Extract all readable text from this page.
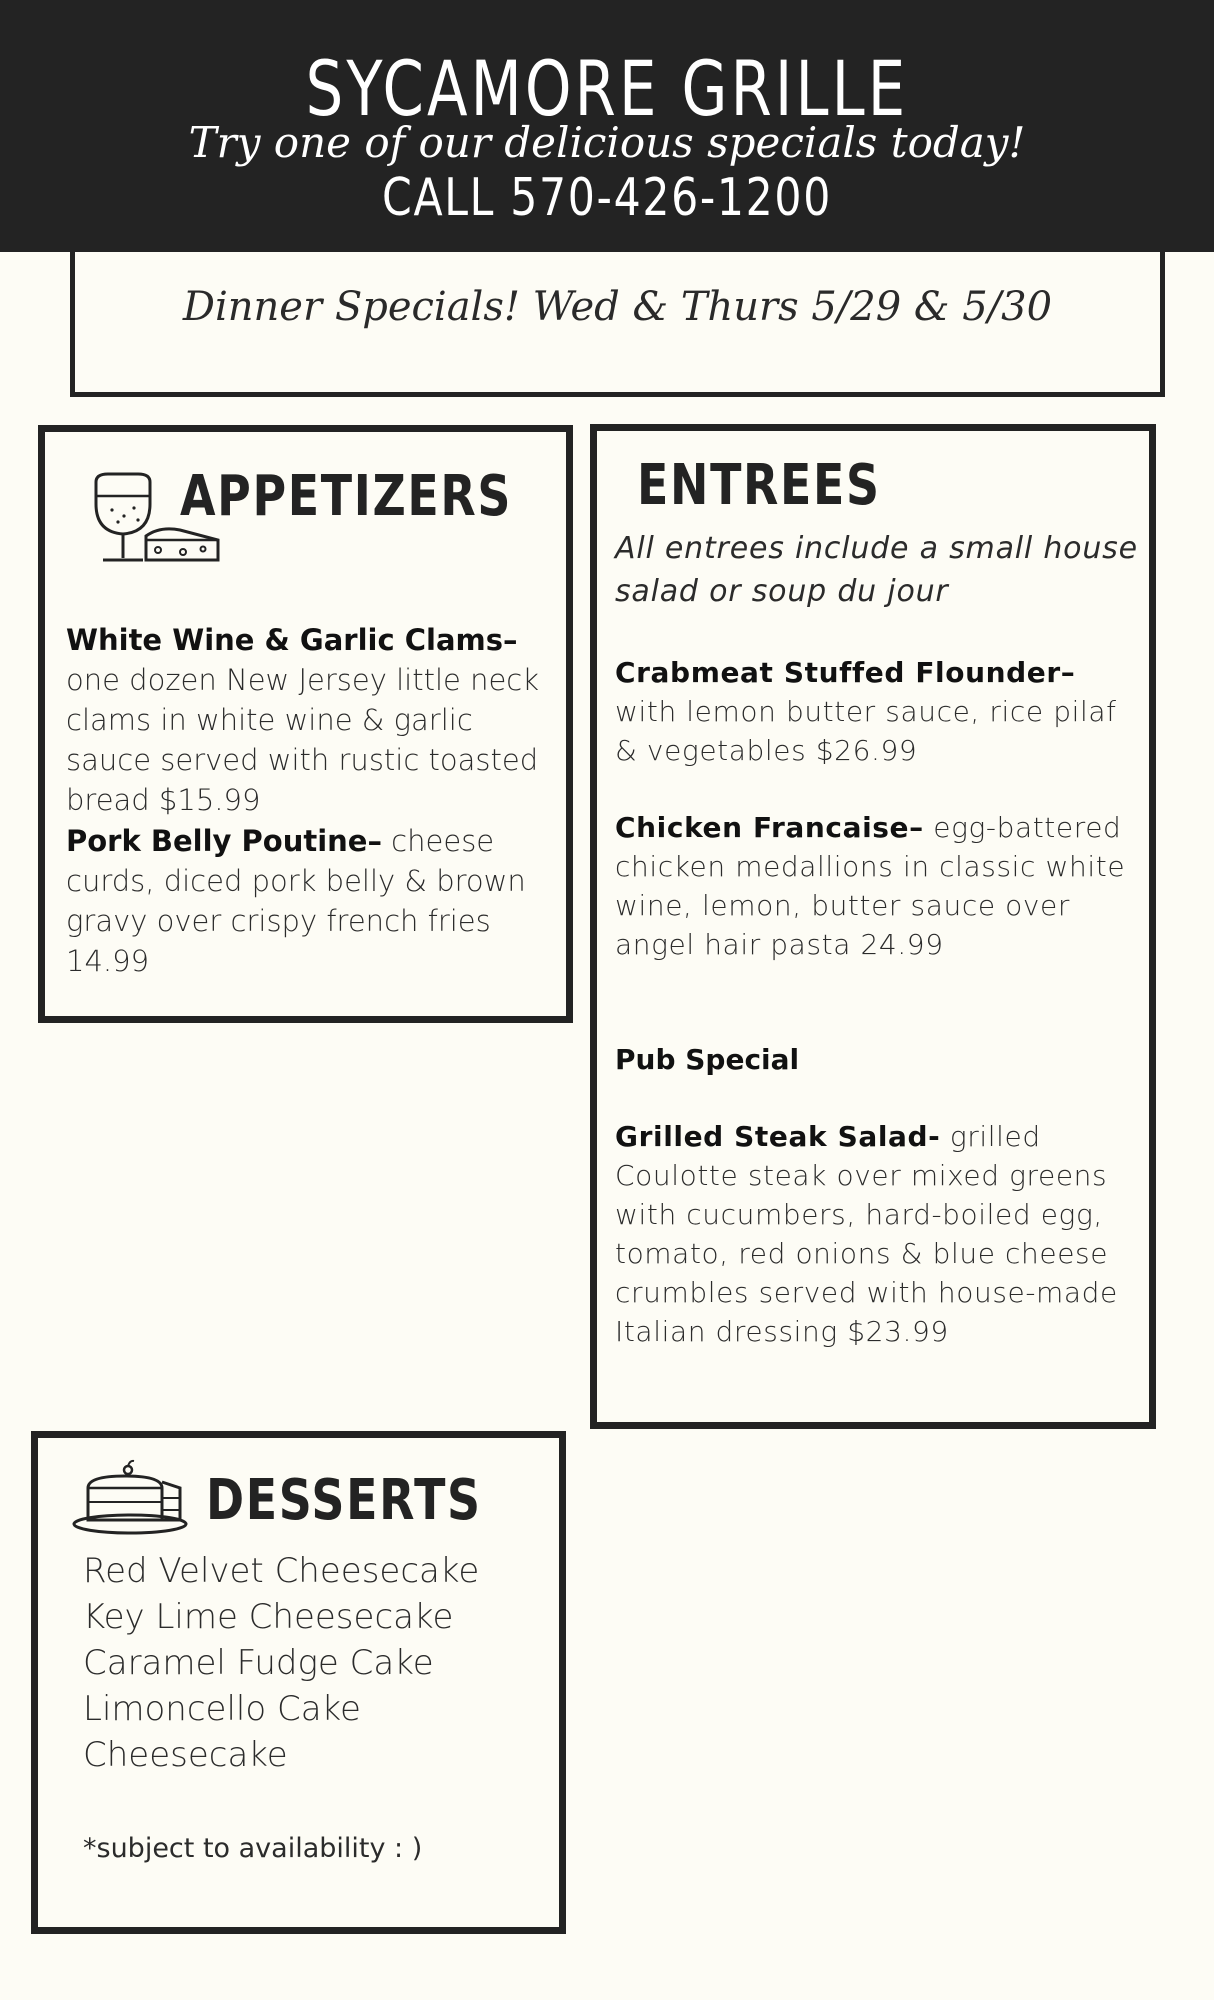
SYCAMORE GRILLE
Try one of our delicious specials today!
CALL 570-426-1200
Dinner Specials! Wed & Thurs 5/29 & 5/30
APPETIZERS
White Wine & Garlic Clams– one dozen New Jersey little neck clams in white wine & garlic sauce served with rustic toasted bread $15.99
Pork Belly Poutine– cheese curds, diced pork belly & brown gravy over crispy french fries 14.99
ENTREES
All entrees include a small house salad or soup du jour
Crabmeat Stuffed Flounder– with lemon butter sauce, rice pilaf & vegetables $26.99
Chicken Francaise– egg-battered chicken medallions in classic white wine, lemon, butter sauce over angel hair pasta 24.99
Pub Special
Grilled Steak Salad- grilled Coulotte steak over mixed greens with cucumbers, hard-boiled egg, tomato, red onions & blue cheese crumbles served with house-made Italian dressing $23.99
DESSERTS
Red Velvet Cheesecake
Key Lime Cheesecake
Caramel Fudge Cake
Limoncello Cake
Cheesecake
*subject to availability : )
